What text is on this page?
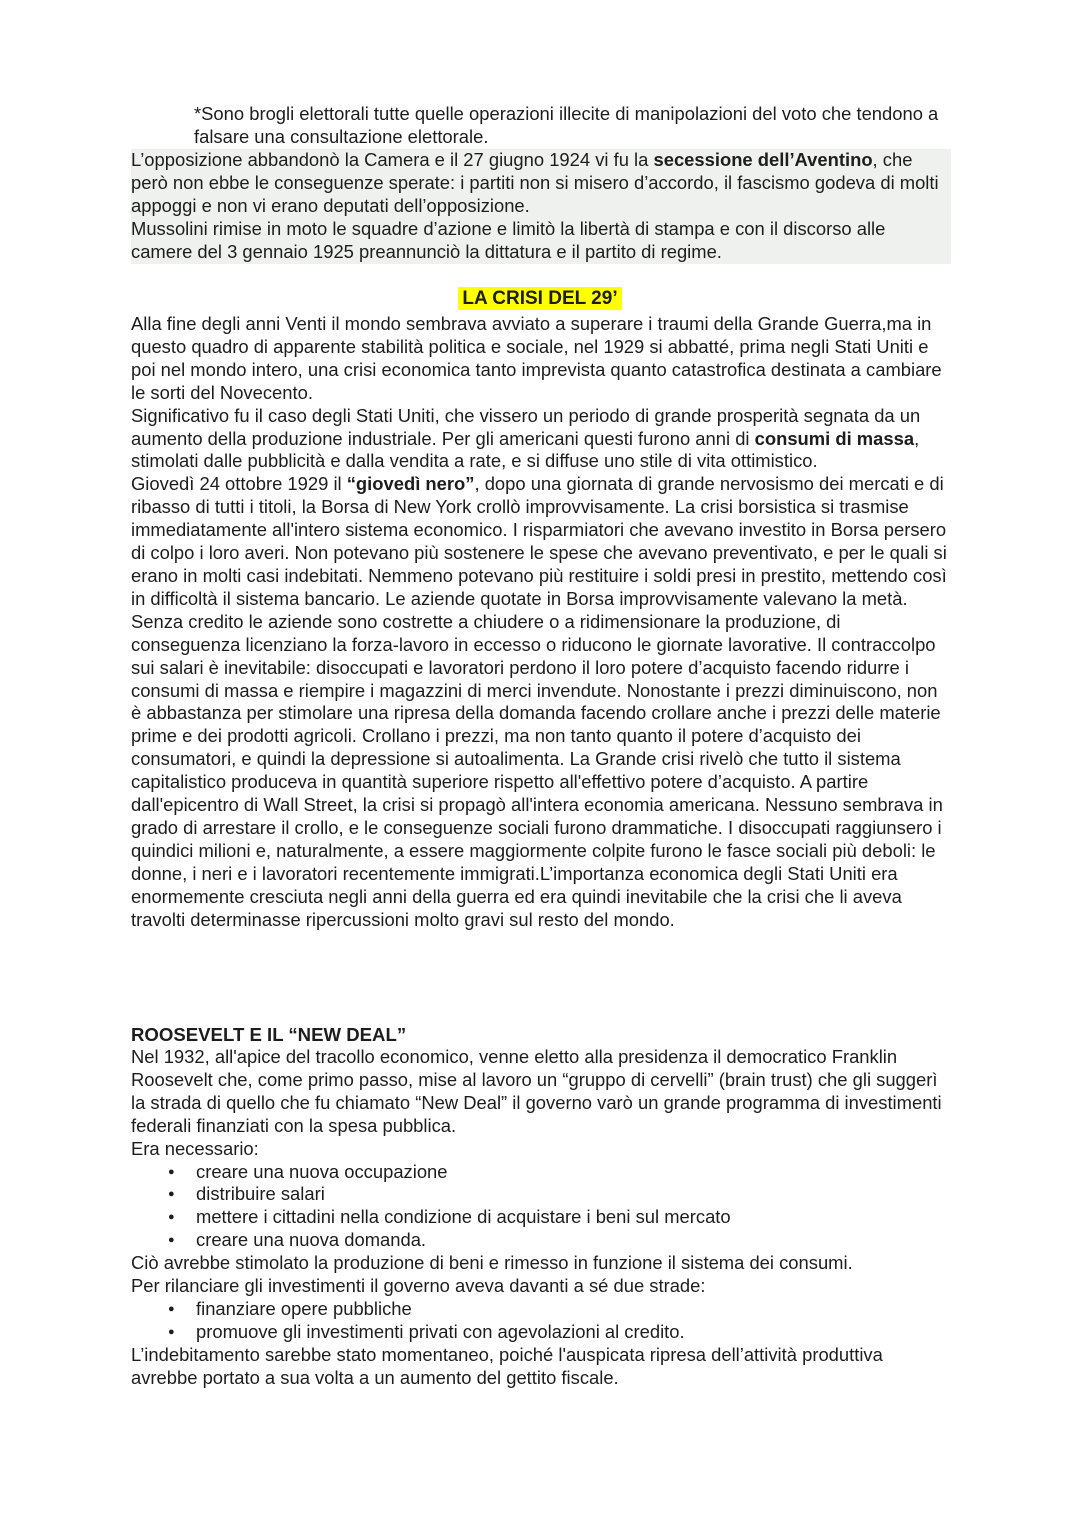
*Sono brogli elettorali tutte quelle operazioni illecite di manipolazioni del voto che tendono a falsare una consultazione elettorale.

L’opposizione abbandonò la Camera e il 27 giugno 1924 vi fu la secessione dell’Aventino, che però non ebbe le conseguenze sperate: i partiti non si misero d’accordo, il fascismo godeva di molti appoggi e non vi erano deputati dell’opposizione.

Mussolini rimise in moto le squadre d’azione e limitò la libertà di stampa e con il discorso alle camere del 3 gennaio 1925 preannunciò la dittatura e il partito di regime.

LA CRISI DEL 29’

Alla fine degli anni Venti il mondo sembrava avviato a superare i traumi della Grande Guerra,ma in questo quadro di apparente stabilità politica e sociale, nel 1929 si abbatté, prima negli Stati Uniti e poi nel mondo intero, una crisi economica tanto imprevista quanto catastrofica destinata a cambiare le sorti del Novecento.

Significativo fu il caso degli Stati Uniti, che vissero un periodo di grande prosperità segnata da un aumento della produzione industriale. Per gli americani questi furono anni di consumi di massa, stimolati dalle pubblicità e dalla vendita a rate, e si diffuse uno stile di vita ottimistico.

Giovedì 24 ottobre 1929 il “giovedì nero”, dopo una giornata di grande nervosismo dei mercati e di ribasso di tutti i titoli, la Borsa di New York crollò improvvisamente. La crisi borsistica si trasmise immediatamente all'intero sistema economico. I risparmiatori che avevano investito in Borsa persero di colpo i loro averi. Non potevano più sostenere le spese che avevano preventivato, e per le quali si erano in molti casi indebitati. Nemmeno potevano più restituire i soldi presi in prestito, mettendo così in difficoltà il sistema bancario. Le aziende quotate in Borsa improvvisamente valevano la metà. Senza credito le aziende sono costrette a chiudere o a ridimensionare la produzione, di conseguenza licenziano la forza-lavoro in eccesso o riducono le giornate lavorative. Il contraccolpo sui salari è inevitabile: disoccupati e lavoratori perdono il loro potere d’acquisto facendo ridurre i consumi di massa e riempire i magazzini di merci invendute. Nonostante i prezzi diminuiscono, non è abbastanza per stimolare una ripresa della domanda facendo crollare anche i prezzi delle materie prime e dei prodotti agricoli. Crollano i prezzi, ma non tanto quanto il potere d’acquisto dei consumatori, e quindi la depressione si autoalimenta. La Grande crisi rivelò che tutto il sistema capitalistico produceva in quantità superiore rispetto all'effettivo potere d’acquisto. A partire dall'epicentro di Wall Street, la crisi si propagò all'intera economia americana. Nessuno sembrava in grado di arrestare il crollo, e le conseguenze sociali furono drammatiche. I disoccupati raggiunsero i quindici milioni e, naturalmente, a essere maggiormente colpite furono le fasce sociali più deboli: le donne, i neri e i lavoratori recentemente immigrati.L’importanza economica degli Stati Uniti era enormemente cresciuta negli anni della guerra ed era quindi inevitabile che la crisi che li aveva travolti determinasse ripercussioni molto gravi sul resto del mondo.

ROOSEVELT E IL “NEW DEAL”

Nel 1932, all'apice del tracollo economico, venne eletto alla presidenza il democratico Franklin Roosevelt che, come primo passo, mise al lavoro un “gruppo di cervelli” (brain trust) che gli suggerì la strada di quello che fu chiamato “New Deal” il governo varò un grande programma di investimenti federali finanziati con la spesa pubblica.

Era necessario:

● creare una nuova occupazione
● distribuire salari
● mettere i cittadini nella condizione di acquistare i beni sul mercato
● creare una nuova domanda.

Ciò avrebbe stimolato la produzione di beni e rimesso in funzione il sistema dei consumi.

Per rilanciare gli investimenti il governo aveva davanti a sé due strade:

● finanziare opere pubbliche
● promuove gli investimenti privati con agevolazioni al credito.

L’indebitamento sarebbe stato momentaneo, poiché l'auspicata ripresa dell’attività produttiva avrebbe portato a sua volta a un aumento del gettito fiscale.
